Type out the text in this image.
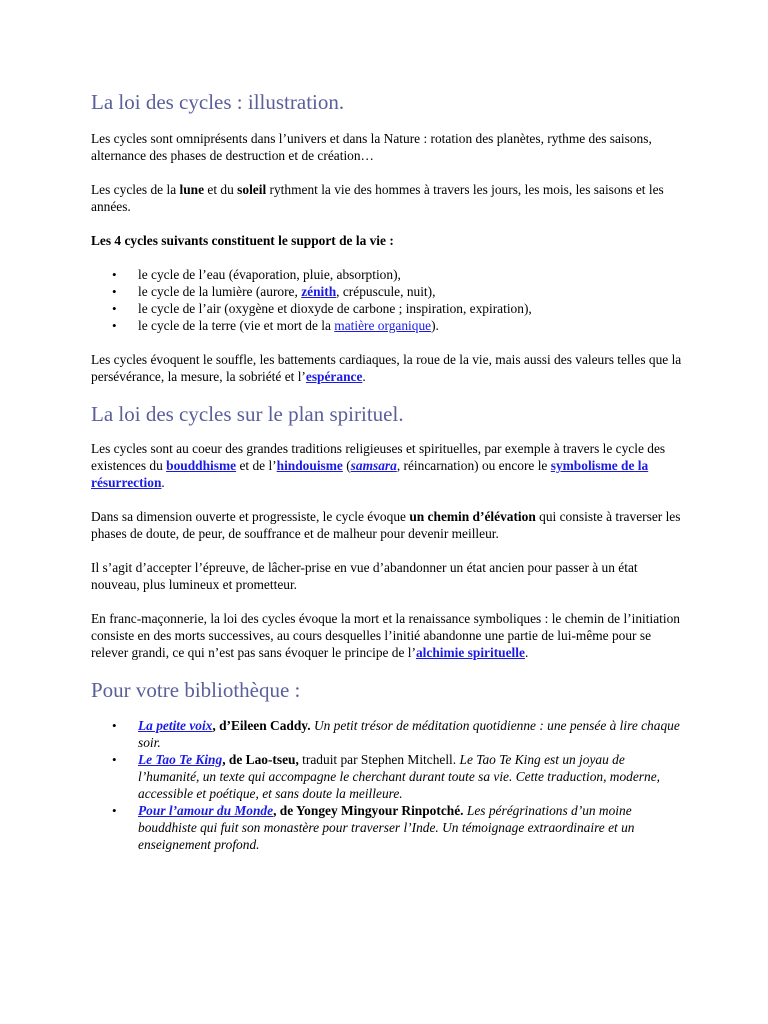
La loi des cycles : illustration.

Les cycles sont omniprésents dans l’univers et dans la Nature : rotation des planètes, rythme des saisons, alternance des phases de destruction et de création…

Les cycles de la lune et du soleil rythment la vie des hommes à travers les jours, les mois, les saisons et les années.

Les 4 cycles suivants constituent le support de la vie :

• le cycle de l’eau (évaporation, pluie, absorption),
• le cycle de la lumière (aurore, zénith, crépuscule, nuit),
• le cycle de l’air (oxygène et dioxyde de carbone ; inspiration, expiration),
• le cycle de la terre (vie et mort de la matière organique).

Les cycles évoquent le souffle, les battements cardiaques, la roue de la vie, mais aussi des valeurs telles que la persévérance, la mesure, la sobriété et l’espérance.

La loi des cycles sur le plan spirituel.

Les cycles sont au coeur des grandes traditions religieuses et spirituelles, par exemple à travers le cycle des existences du bouddhisme et de l’hindouisme (samsara, réincarnation) ou encore le symbolisme de la résurrection.

Dans sa dimension ouverte et progressiste, le cycle évoque un chemin d’élévation qui consiste à traverser les phases de doute, de peur, de souffrance et de malheur pour devenir meilleur.

Il s’agit d’accepter l’épreuve, de lâcher-prise en vue d’abandonner un état ancien pour passer à un état nouveau, plus lumineux et prometteur.

En franc-maçonnerie, la loi des cycles évoque la mort et la renaissance symboliques : le chemin de l’initiation consiste en des morts successives, au cours desquelles l’initié abandonne une partie de lui-même pour se relever grandi, ce qui n’est pas sans évoquer le principe de l’alchimie spirituelle.

Pour votre bibliothèque :
• La petite voix, d’Eileen Caddy. Un petit trésor de méditation quotidienne : une pensée à lire chaque soir.
• Le Tao Te King, de Lao-tseu, traduit par Stephen Mitchell. Le Tao Te King est un joyau de l’humanité, un texte qui accompagne le cherchant durant toute sa vie. Cette traduction, moderne, accessible et poétique, et sans doute la meilleure.
• Pour l’amour du Monde, de Yongey Mingyour Rinpotché. Les pérégrinations d’un moine bouddhiste qui fuit son monastère pour traverser l’Inde. Un témoignage extraordinaire et un enseignement profond.
